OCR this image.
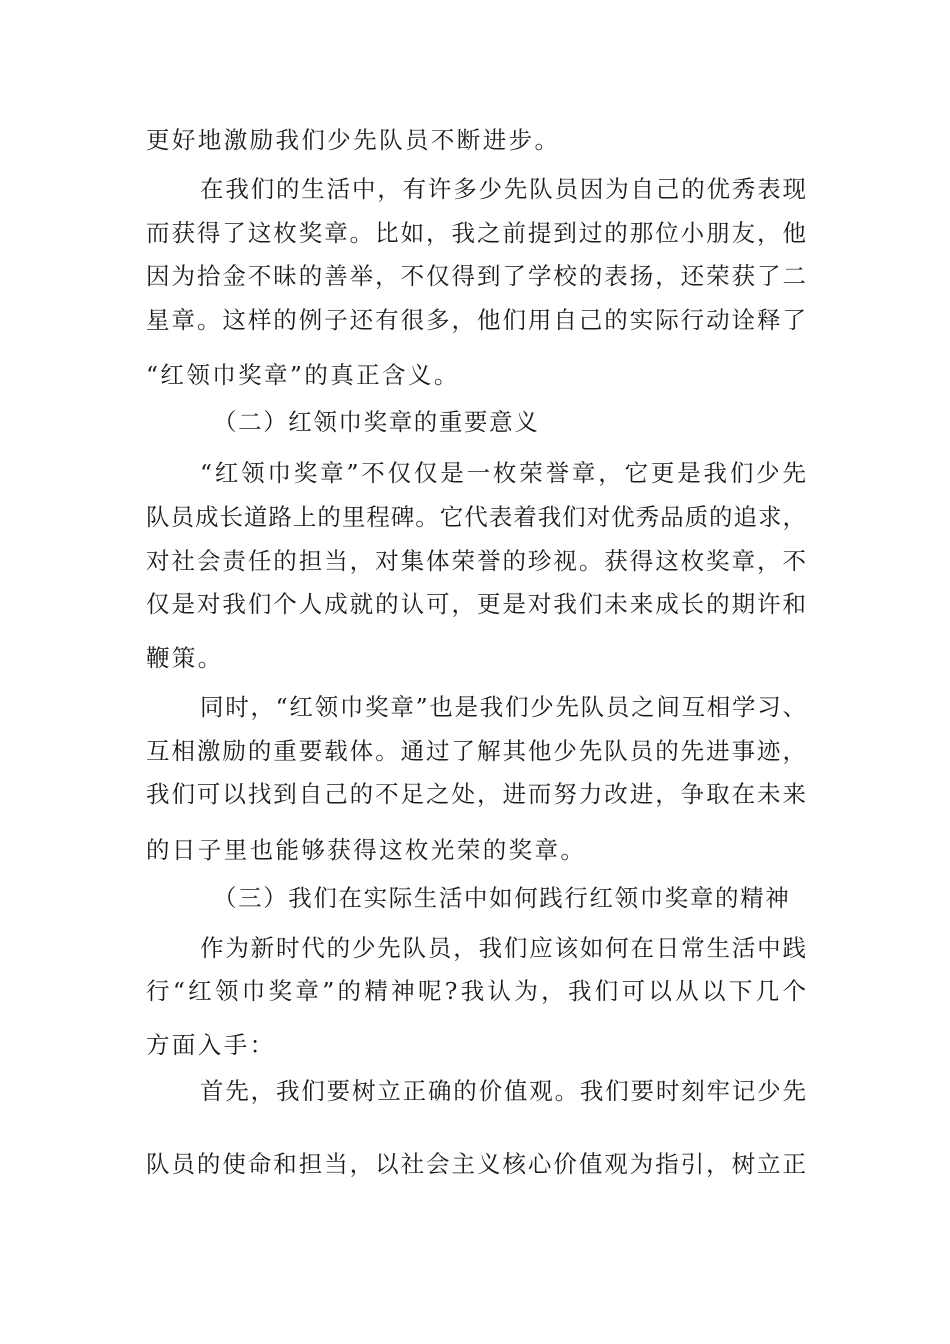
更好地激励我们少先队员不断进步。
在我们的生活中，有许多少先队员因为自己的优秀表现
而获得了这枚奖章。比如，我之前提到过的那位小朋友，他
因为拾金不昧的善举，不仅得到了学校的表扬，还荣获了二
星章。这样的例子还有很多，他们用自己的实际行动诠释了
“红领巾奖章”的真正含义。
（二）红领巾奖章的重要意义
“红领巾奖章”不仅仅是一枚荣誉章，它更是我们少先
队员成长道路上的里程碑。它代表着我们对优秀品质的追求，
对社会责任的担当，对集体荣誉的珍视。获得这枚奖章，不
仅是对我们个人成就的认可，更是对我们未来成长的期许和
鞭策。
同时，“红领巾奖章”也是我们少先队员之间互相学习、
互相激励的重要载体。通过了解其他少先队员的先进事迹，
我们可以找到自己的不足之处，进而努力改进，争取在未来
的日子里也能够获得这枚光荣的奖章。
（三）我们在实际生活中如何践行红领巾奖章的精神
作为新时代的少先队员，我们应该如何在日常生活中践
行“红领巾奖章”的精神呢?我认为，我们可以从以下几个
方面入手：
首先，我们要树立正确的价值观。我们要时刻牢记少先
队员的使命和担当，以社会主义核心价值观为指引，树立正
